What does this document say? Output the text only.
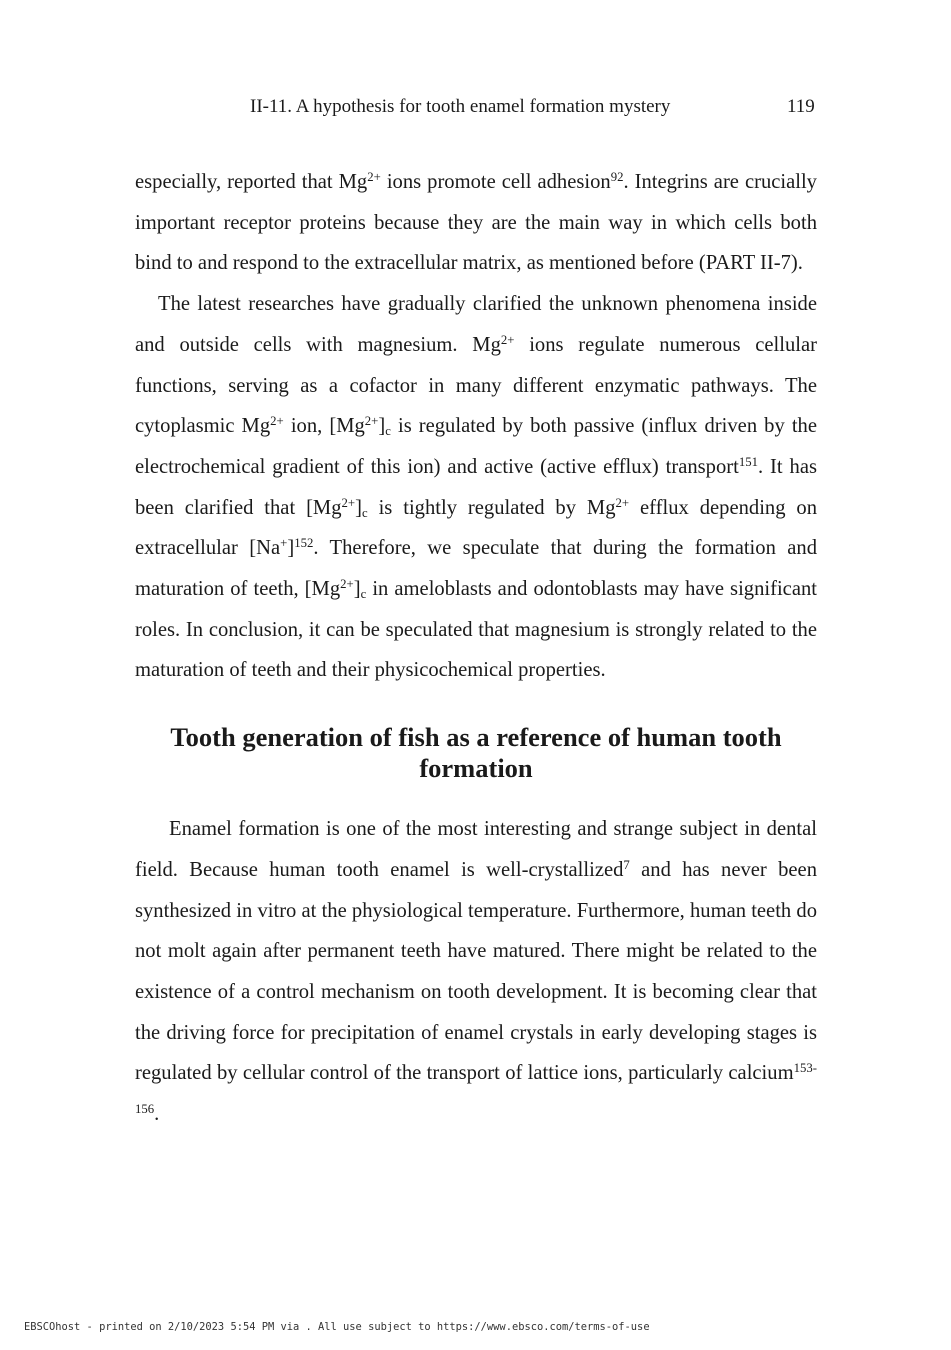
II-11. A hypothesis for tooth enamel formation mystery	119

especially, reported that $Mg^{2+}$ ions promote cell adhesion$^{92}$. Integrins are crucially important receptor proteins because they are the main way in which cells both bind to and respond to the extracellular matrix, as mentioned before (PART II-7).

The latest researches have gradually clarified the unknown phenomena inside and outside cells with magnesium. $Mg^{2+}$ ions regulate numerous cellular functions, serving as a cofactor in many different enzymatic pathways. The cytoplasmic $Mg^{2+}$ ion, $[Mg^{2+}]_c$ is regulated by both passive (influx driven by the electrochemical gradient of this ion) and active (active efflux) transport$^{151}$. It has been clarified that $[Mg^{2+}]_c$ is tightly regulated by $Mg^{2+}$ efflux depending on extracellular $[Na^+]^{152}$. Therefore, we speculate that during the formation and maturation of teeth, $[Mg^{2+}]_c$ in ameloblasts and odontoblasts may have significant roles. In conclusion, it can be speculated that magnesium is strongly related to the maturation of teeth and their physicochemical properties.

Tooth generation of fish as a reference of human tooth formation

Enamel formation is one of the most interesting and strange subject in dental field. Because human tooth enamel is well-crystallized$^7$ and has never been synthesized in vitro at the physiological temperature. Furthermore, human teeth do not molt again after permanent teeth have matured. There might be related to the existence of a control mechanism on tooth development. It is becoming clear that the driving force for precipitation of enamel crystals in early developing stages is regulated by cellular control of the transport of lattice ions, particularly calcium$^{153-156}$.

EBSCOhost - printed on 2/10/2023 5:54 PM via . All use subject to https://www.ebsco.com/terms-of-use
